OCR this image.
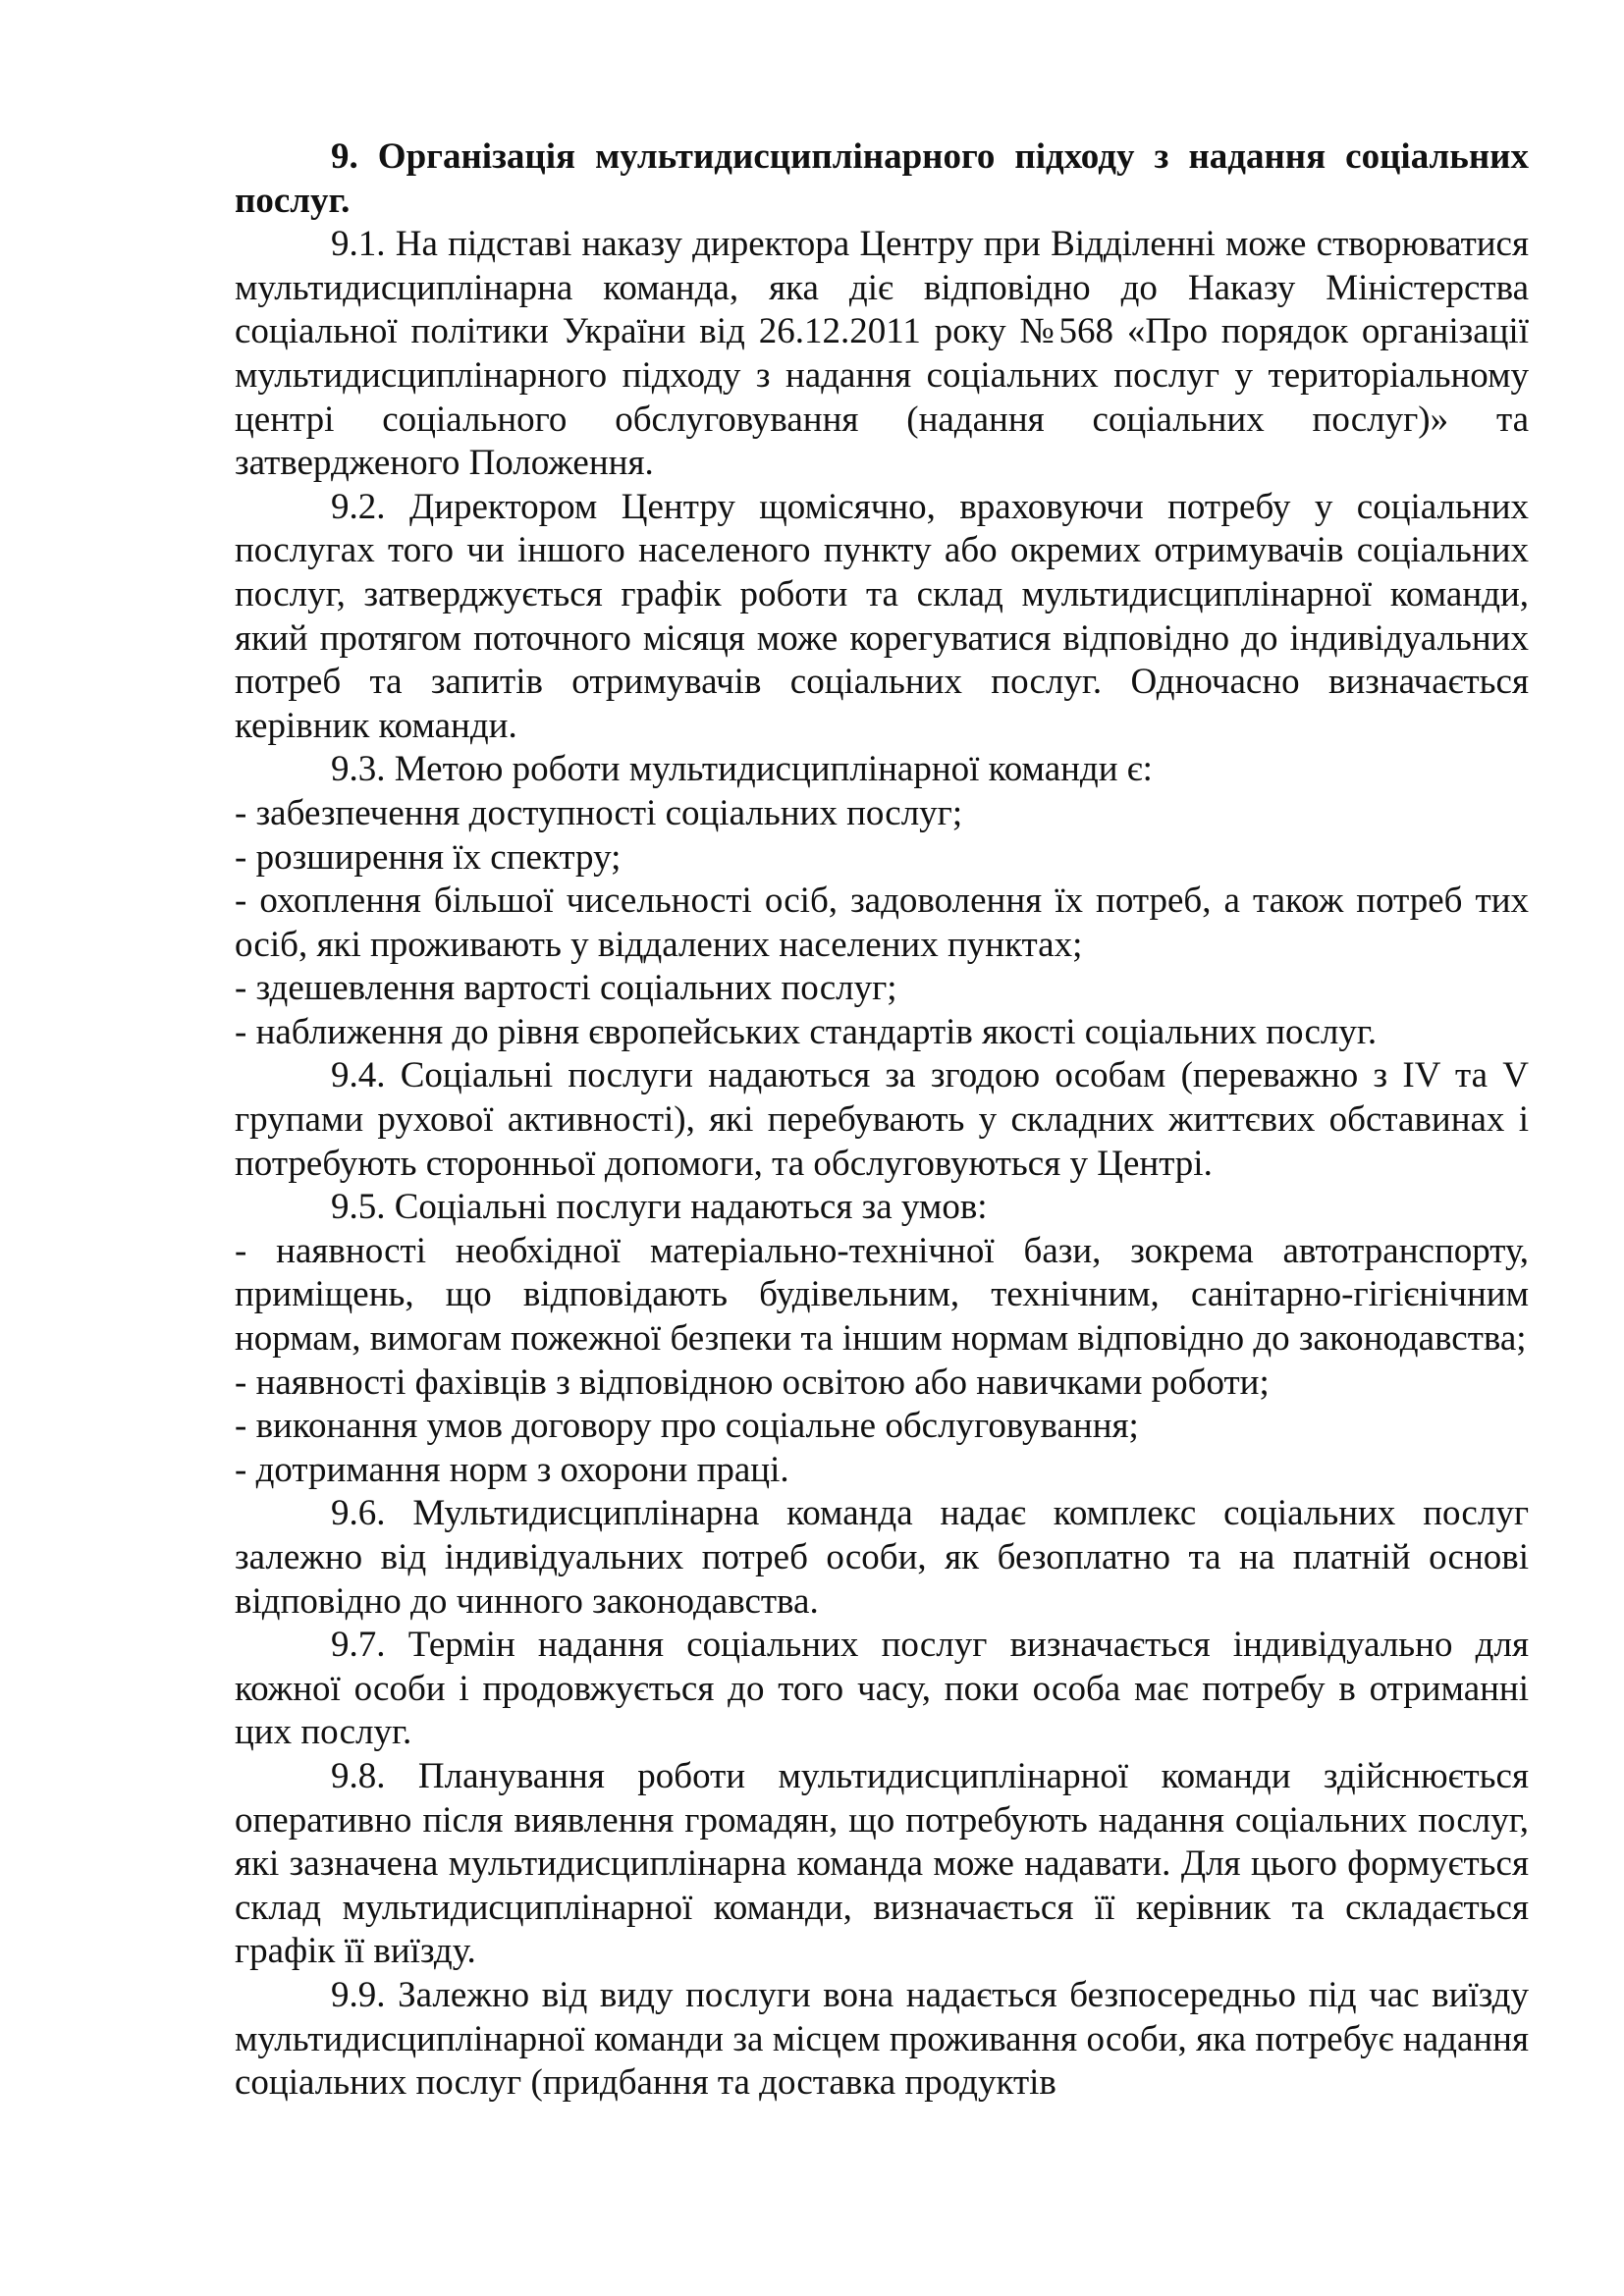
9. Організація мультидисциплінарного підходу з надання соціальних послуг.

9.1. На підставі наказу директора Центру при Відділенні може створюватися мультидисциплінарна команда, яка діє відповідно до Наказу Міністерства соціальної політики України від 26.12.2011 року №568 «Про порядок організації мультидисциплінарного підходу з надання соціальних послуг у територіальному центрі соціального обслуговування (надання соціальних послуг)» та затвердженого Положення.

9.2. Директором Центру щомісячно, враховуючи потребу у соціальних послугах того чи іншого населеного пункту або окремих отримувачів соціальних послуг, затверджується графік роботи та склад мультидисциплінарної команди, який протягом поточного місяця може корегуватися відповідно до індивідуальних потреб та запитів отримувачів соціальних послуг. Одночасно визначається керівник команди.

9.3. Метою роботи мультидисциплінарної команди є:

- забезпечення доступності соціальних послуг;

- розширення їх спектру;

- охоплення більшої чисельності осіб, задоволення їх потреб, а також потреб тих осіб, які проживають у віддалених населених пунктах;

- здешевлення вартості соціальних послуг;

- наближення до рівня європейських стандартів якості соціальних послуг.

9.4. Соціальні послуги надаються за згодою особам (переважно з IV та V групами рухової активності), які перебувають у складних життєвих обставинах і потребують сторонньої допомоги, та обслуговуються у Центрі.

9.5. Соціальні послуги надаються за умов:

- наявності необхідної матеріально-технічної бази, зокрема автотранспорту, приміщень, що відповідають будівельним, технічним, санітарно-гігієнічним нормам, вимогам пожежної безпеки та іншим нормам відповідно до законодавства;

- наявності фахівців з відповідною освітою або навичками роботи;

- виконання умов договору про соціальне обслуговування;

- дотримання норм з охорони праці.

9.6. Мультидисциплінарна команда надає комплекс соціальних послуг залежно від індивідуальних потреб особи, як безоплатно та на платній основі відповідно до чинного законодавства.

9.7. Термін надання соціальних послуг визначається індивідуально для кожної особи і продовжується до того часу, поки особа має потребу в отриманні цих послуг.

9.8. Планування роботи мультидисциплінарної команди здійснюється оперативно після виявлення громадян, що потребують надання соціальних послуг, які зазначена мультидисциплінарна команда може надавати. Для цього формується склад мультидисциплінарної команди, визначається її керівник та складається графік її виїзду.

9.9. Залежно від виду послуги вона надається безпосередньо під час виїзду мультидисциплінарної команди за місцем проживання особи, яка потребує надання соціальних послуг (придбання та доставка продуктів
